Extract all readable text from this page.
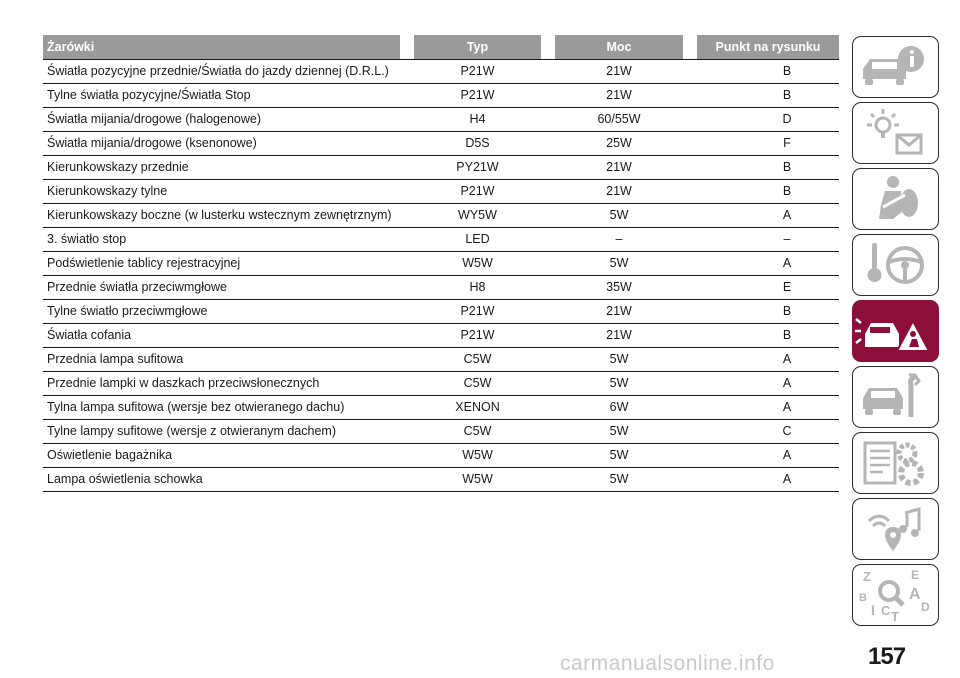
Żarówki	Typ	Moc	Punkt na rysunku

Światła pozycyjne przednie/Światła do jazdy dziennej (D.R.L.)	P21W	21W	B
Tylne światła pozycyjne/Światła Stop	P21W	21W	B
Światła mijania/drogowe (halogenowe)	H4	60/55W	D
Światła mijania/drogowe (ksenonowe)	D5S	25W	F
Kierunkowskazy przednie	PY21W	21W	B
Kierunkowskazy tylne	P21W	21W	B
Kierunkowskazy boczne (w lusterku wstecznym zewnętrznym)	WY5W	5W	A
3. światło stop	LED	–	–
Podświetlenie tablicy rejestracyjnej	W5W	5W	A
Przednie światła przeciwmgłowe	H8	35W	E
Tylne światło przeciwmgłowe	P21W	21W	B
Światła cofania	P21W	21W	B
Przednia lampa sufitowa	C5W	5W	A
Przednie lampki w daszkach przeciwsłonecznych	C5W	5W	A
Tylna lampa sufitowa (wersje bez otwieranego dachu)	XENON	6W	A
Tylne lampy sufitowe (wersje z otwieranym dachem)	C5W	5W	C
Oświetlenie bagażnika	W5W	5W	A
Lampa oświetlenia schowka	W5W	5W	A
Z	E
B	A
D
I C T
157
carmanualsonline.info
